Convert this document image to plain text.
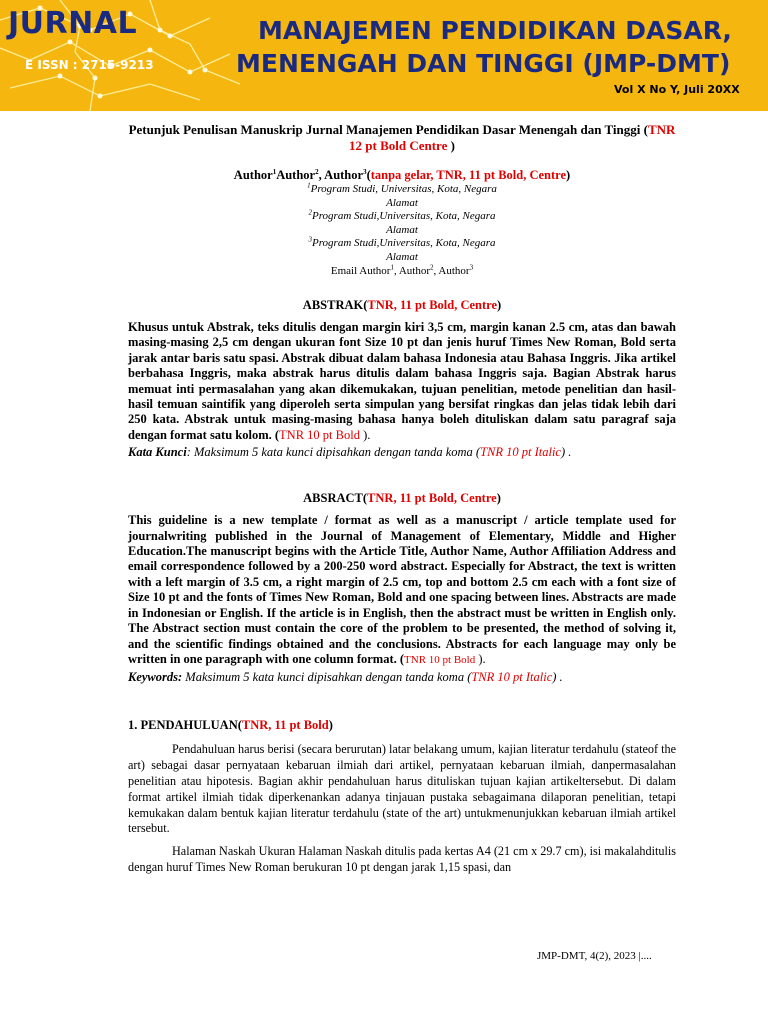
JURNAL
E ISSN : 2715-9213
MANAJEMEN PENDIDIKAN DASAR,
MENENGAH DAN TINGGI (JMP-DMT)
Vol X No Y, Juli 20XX

Petunjuk Penulisan Manuskrip Jurnal Manajemen Pendidikan Dasar Menengah dan Tinggi (TNR 12 pt Bold Centre )

Author$^1$Author$^2$, Author$^3$(tanpa gelar, TNR, 11 pt Bold, Centre)
$^1$Program Studi, Universitas, Kota, Negara
Alamat
$^2$Program Studi,Universitas, Kota, Negara
Alamat
$^3$Program Studi,Universitas, Kota, Negara
Alamat
Email Author$^1$, Author$^2$, Author$^3$
ABSTRAK(TNR, 11 pt Bold, Centre)

Khusus untuk Abstrak, teks ditulis dengan margin kiri 3,5 cm, margin kanan 2.5 cm, atas dan bawah masing-masing 2,5 cm dengan ukuran font Size 10 pt dan jenis huruf Times New Roman, Bold serta jarak antar baris satu spasi. Abstrak dibuat dalam bahasa Indonesia atau Bahasa Inggris. Jika artikel berbahasa Inggris, maka abstrak harus ditulis dalam bahasa Inggris saja. Bagian Abstrak harus memuat inti permasalahan yang akan dikemukakan, tujuan penelitian, metode penelitian dan hasil-hasil temuan saintifik yang diperoleh serta simpulan yang bersifat ringkas dan jelas tidak lebih dari 250 kata. Abstrak untuk masing-masing bahasa hanya boleh dituliskan dalam satu paragraf saja dengan format satu kolom. (TNR 10 pt Bold ).

Kata Kunci: Maksimum 5 kata kunci dipisahkan dengan tanda koma (TNR 10 pt Italic) .

ABSRACT(TNR, 11 pt Bold, Centre)

This guideline is a new template / format as well as a manuscript / article template used for journalwriting published in the Journal of Management of Elementary, Middle and Higher Education.The manuscript begins with the Article Title, Author Name, Author Affiliation Address and email correspondence followed by a 200-250 word abstract. Especially for Abstract, the text is written with a left margin of 3.5 cm, a right margin of 2.5 cm, top and bottom 2.5 cm each with a font size of Size 10 pt and the fonts of Times New Roman, Bold and one spacing between lines. Abstracts are made in Indonesian or English. If the article is in English, then the abstract must be written in English only. The Abstract section must contain the core of the problem to be presented, the method of solving it, and the scientific findings obtained and the conclusions. Abstracts for each language may only be written in one paragraph with one column format. (TNR 10 pt Bold ).

Keywords: Maksimum 5 kata kunci dipisahkan dengan tanda koma (TNR 10 pt Italic) .

1. PENDAHULUAN(TNR, 11 pt Bold)

Pendahuluan harus berisi (secara berurutan) latar belakang umum, kajian literatur terdahulu (stateof the art) sebagai dasar pernyataan kebaruan ilmiah dari artikel, pernyataan kebaruan ilmiah, danpermasalahan penelitian atau hipotesis. Bagian akhir pendahuluan harus dituliskan tujuan kajian artikeltersebut. Di dalam format artikel ilmiah tidak diperkenankan adanya tinjauan pustaka sebagaimana dilaporan penelitian, tetapi kemukakan dalam bentuk kajian literatur terdahulu (state of the art) untukmenunjukkan kebaruan ilmiah artikel tersebut.

Halaman Naskah Ukuran Halaman Naskah ditulis pada kertas A4 (21 cm x 29.7 cm), isi makalahditulis dengan huruf Times New Roman berukuran 10 pt dengan jarak 1,15 spasi, dan

JMP-DMT, 4(2), 2023 |....
